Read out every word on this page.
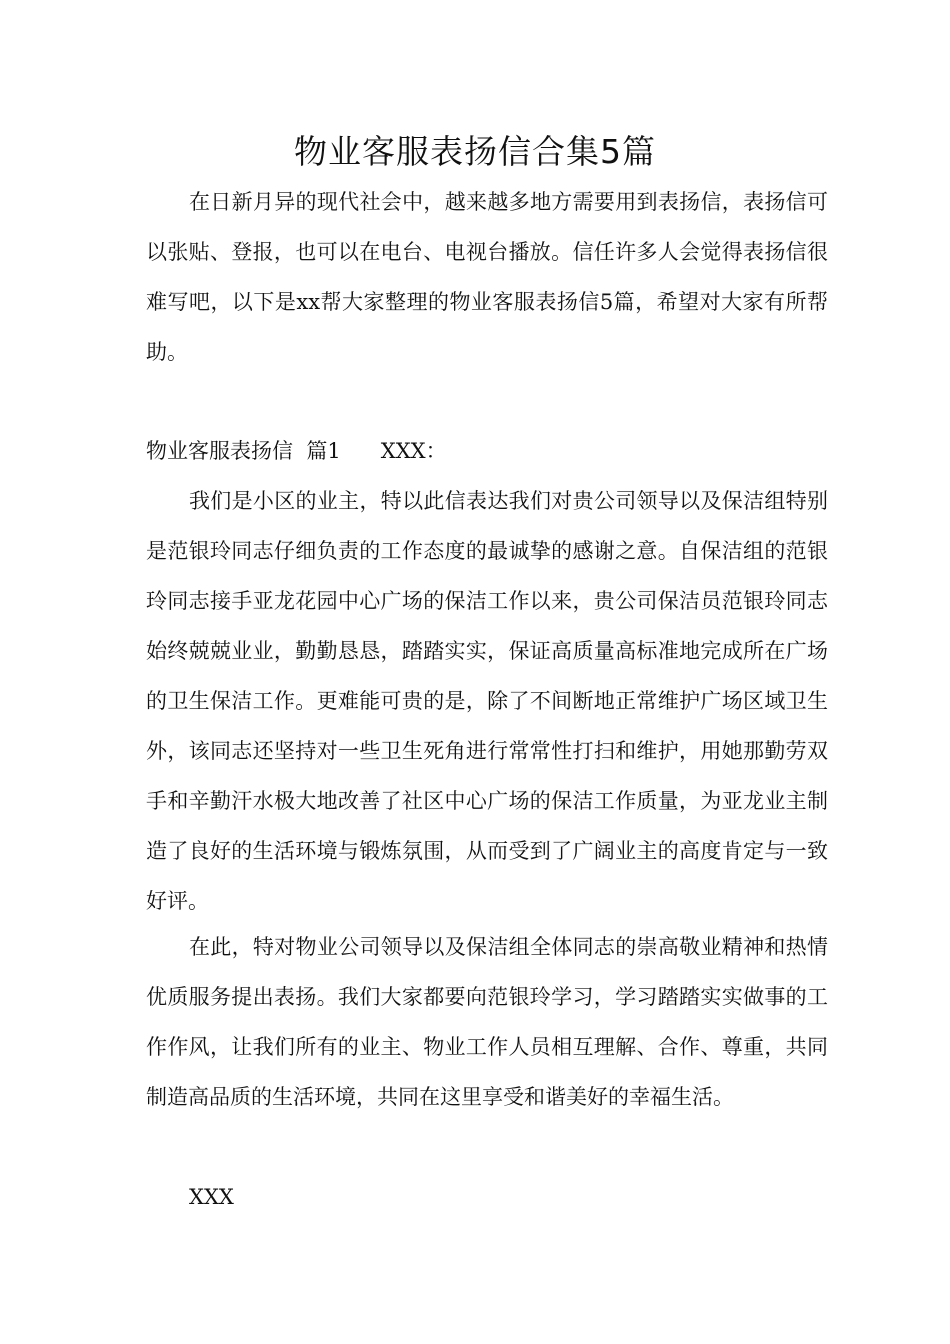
物业客服表扬信合集5篇

在日新月异的现代社会中，越来越多地方需要用到表扬信，表扬信可以张贴、登报，也可以在电台、电视台播放。信任许多人会觉得表扬信很难写吧，以下是xx帮大家整理的物业客服表扬信5篇，希望对大家有所帮助。

物业客服表扬信  篇1      XXX：

我们是小区的业主，特以此信表达我们对贵公司领导以及保洁组特别是范银玲同志仔细负责的工作态度的最诚挚的感谢之意。自保洁组的范银玲同志接手亚龙花园中心广场的保洁工作以来，贵公司保洁员范银玲同志始终兢兢业业，勤勤恳恳，踏踏实实，保证高质量高标准地完成所在广场的卫生保洁工作。更难能可贵的是，除了不间断地正常维护广场区域卫生外，该同志还坚持对一些卫生死角进行常常性打扫和维护，用她那勤劳双手和辛勤汗水极大地改善了社区中心广场的保洁工作质量，为亚龙业主制造了良好的生活环境与锻炼氛围，从而受到了广阔业主的高度肯定与一致好评。

在此，特对物业公司领导以及保洁组全体同志的崇高敬业精神和热情优质服务提出表扬。我们大家都要向范银玲学习，学习踏踏实实做事的工作作风，让我们所有的业主、物业工作人员相互理解、合作、尊重，共同制造高品质的生活环境，共同在这里享受和谐美好的幸福生活。

XXX
